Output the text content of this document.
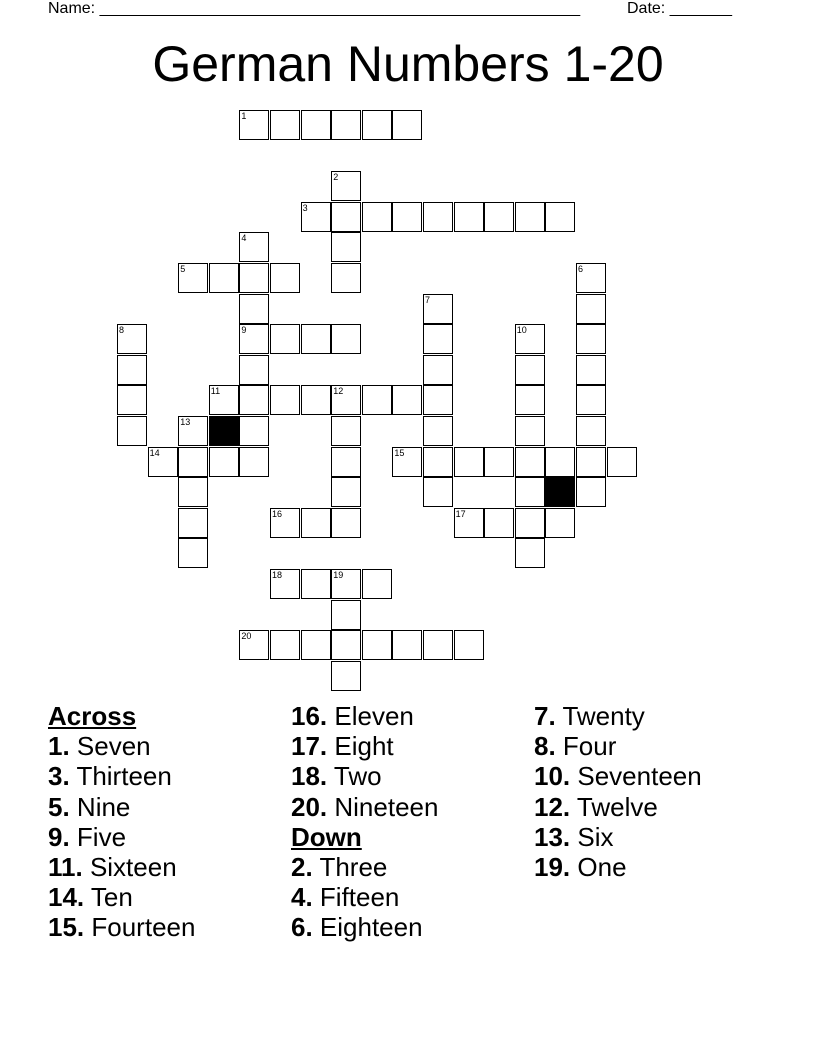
Name: ______________________________________________________	Date: _______
German Numbers 1-20
1
2
3
4
5	6
7
8	9	10
11	12
13
14	15
16	17
18	19
20
Across
1. Seven
3. Thirteen
5. Nine
9. Five
11. Sixteen
14. Ten
15. Fourteen
16. Eleven
17. Eight
18. Two
20. Nineteen
Down
2. Three
4. Fifteen
6. Eighteen
7. Twenty
8. Four
10. Seventeen
12. Twelve
13. Six
19. One
